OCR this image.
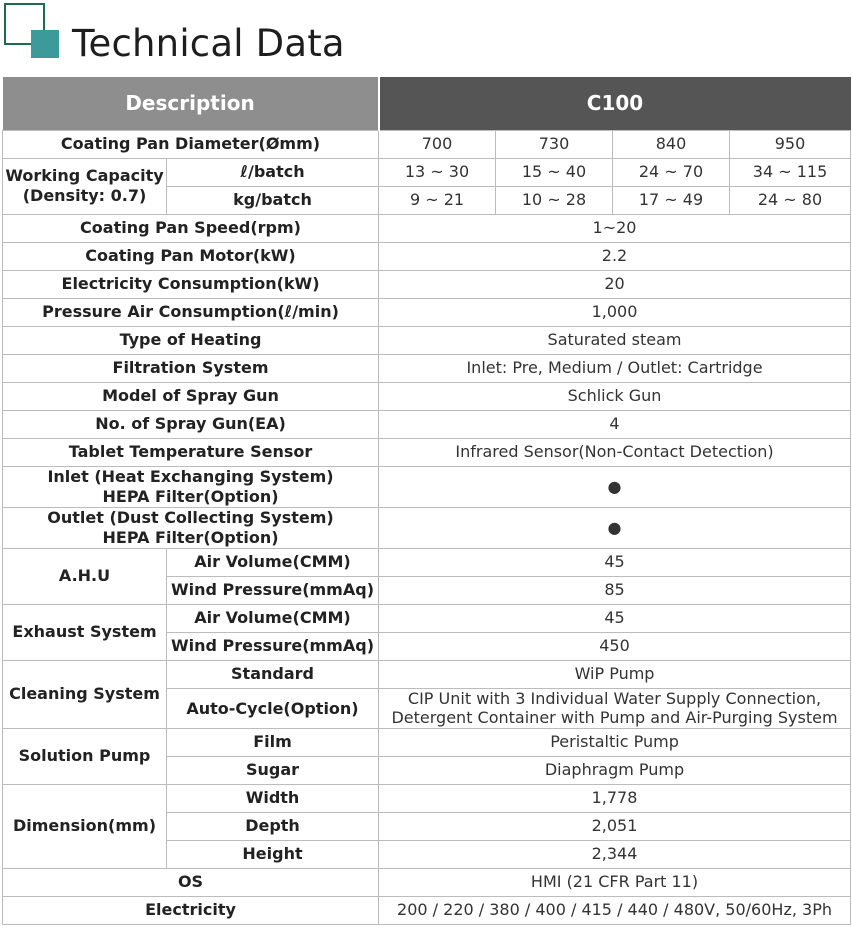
Technical Data
Description		C100			
Coating Pan Diameter(Ømm)		700	730	840	950
Working Capacity
(Density: 0.7)	ℓ/batch	13 ~ 30	15 ~ 40	24 ~ 70	34 ~ 115
	kg/batch	9 ~ 21	10 ~ 28	17 ~ 49	24 ~ 80
Coating Pan Speed(rpm)		1~20			
Coating Pan Motor(kW)		2.2			
Electricity Consumption(kW)		20			
Pressure Air Consumption(ℓ/min)		1,000			
Type of Heating		Saturated steam			
Filtration System		Inlet: Pre, Medium / Outlet: Cartridge			
Model of Spray Gun		Schlick Gun			
No. of Spray Gun(EA)		4			
Tablet Temperature Sensor		Infrared Sensor(Non-Contact Detection)			
Inlet (Heat Exchanging System)
HEPA Filter(Option)		●			
Outlet (Dust Collecting System)
HEPA Filter(Option)		●			
A.H.U	Air Volume(CMM)	45			
	Wind Pressure(mmAq)	85			
Exhaust System	Air Volume(CMM)	45			
	Wind Pressure(mmAq)	450			
Cleaning System	Standard	WiP Pump			
	Auto-Cycle(Option)	CIP Unit with 3 Individual Water Supply Connection,
Detergent Container with Pump and Air-Purging System			
Solution Pump	Film	Peristaltic Pump			
	Sugar	Diaphragm Pump			
Dimension(mm)	Width	1,778			
	Depth	2,051			
	Height	2,344			
OS		HMI (21 CFR Part 11)			
Electricity		200 / 220 / 380 / 400 / 415 / 440 / 480V, 50/60Hz, 3Ph			
